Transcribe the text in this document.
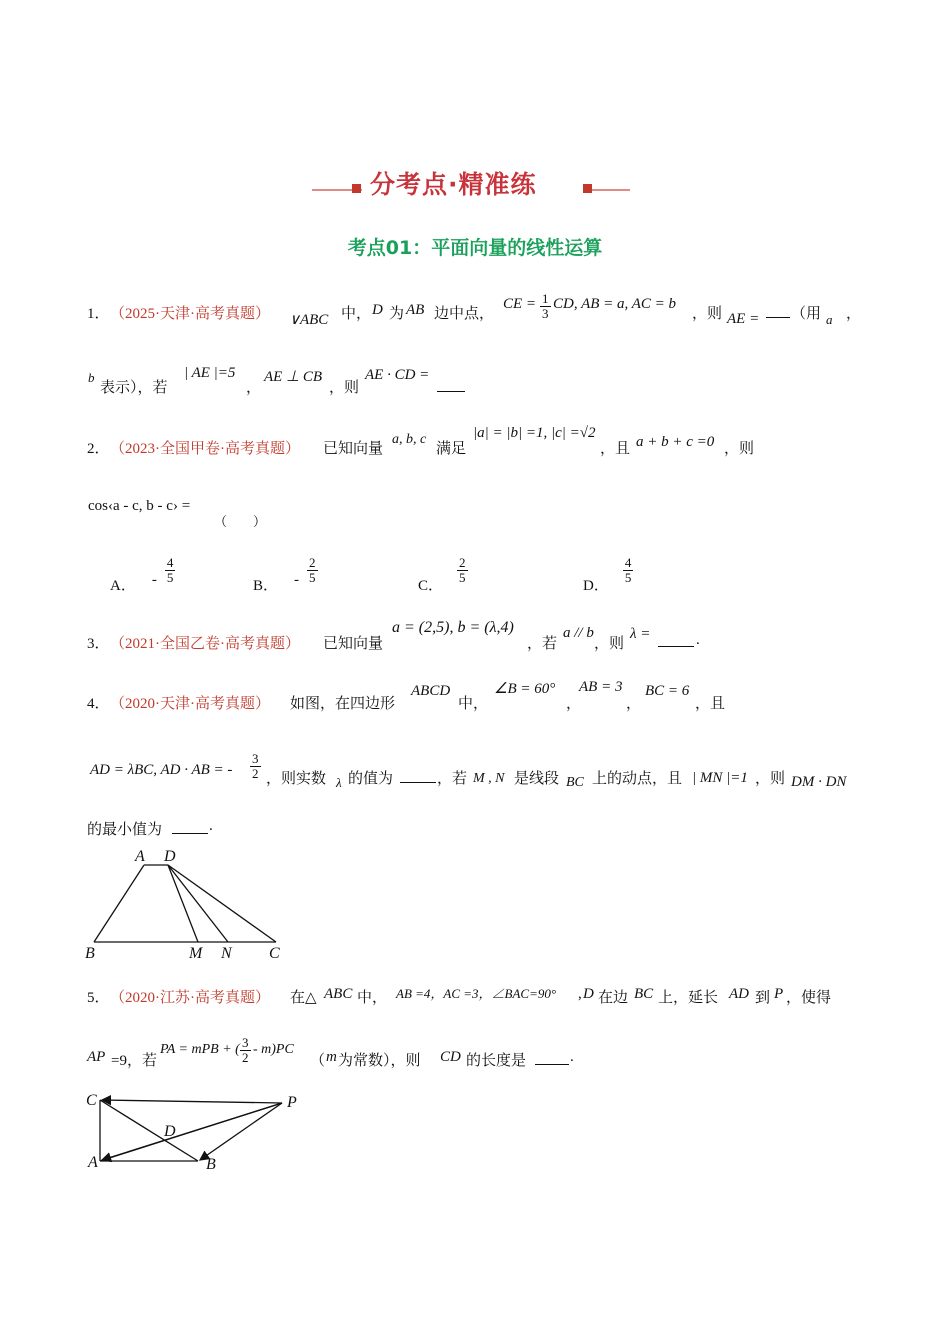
分考点·精准练
考点01：平面向量的线性运算
1． （2025·天津·高考真题） ∨ABC 中， D 为 AB 边中点，
CE = $\frac{1}{3}$ CD, AB = a, AC = b
，则 AE = （用 a ，
b
表示），若
| AE |=5
，
AE ⊥ CB
，则
AE · CD =
2． （2023·全国甲卷·高考真题） 已知向量
a, b, c
满足
|a| = |b| =1, |c| =√2
，且 a + b + c =0 ，则
cos‹a - c, b - c› =
（　　）
A． - $\frac{4}{5}$
B． - $\frac{2}{5}$
C．
$\frac{2}{5}$
D．
$\frac{4}{5}$
3． （2021·全国乙卷·高考真题） 已知向量
a = (2,5), b = (λ,4)
，若
a // b
，则
λ =	.
4． （2020·天津·高考真题） 如图，在四边形
ABCD
中，
∠B = 60°
，
AB = 3
，
BC = 6
，且
AD = λBC, AD · AB = - $\frac{3}{2}$ ，则实数 λ 的值为	，若 M , N 是线段 BC 上的动点，且 | MN |=1 ，则 DM · DN
的最小值为	.
A D
B	M N C
5． （2020·江苏·高考真题） 在△ ABC 中， AB =4，AC =3，∠BAC=90° , D 在边 BC 上，延长 AD 到 P ，使得
AP =9，若
PA = mPB + ( $\frac{3}{2} - m)PC$
（ m 为常数），则 CD 的长度是	.
C	P
D
A	B
